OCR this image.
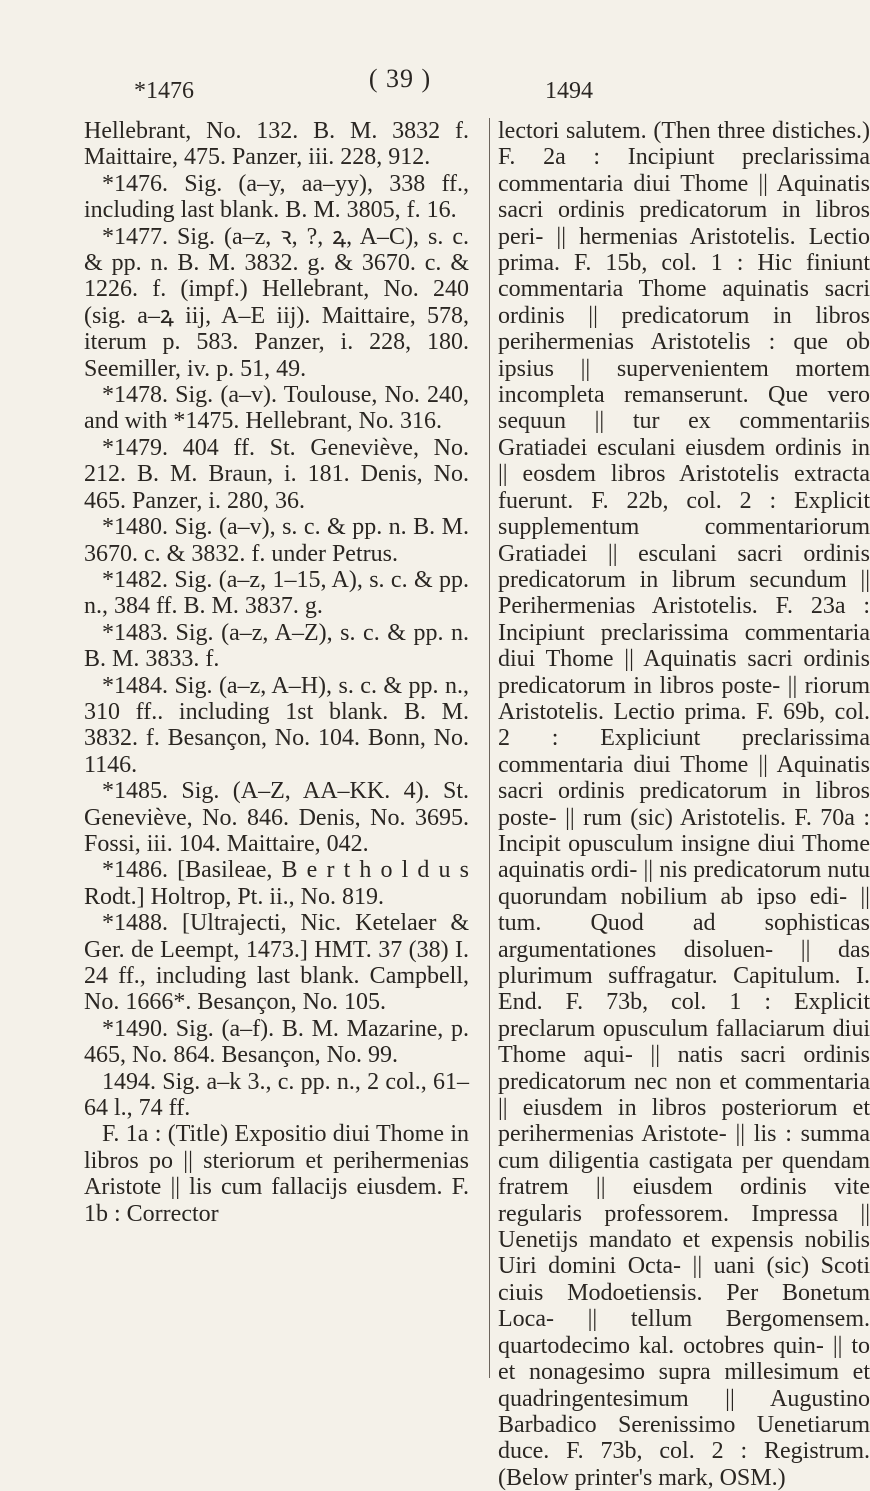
( 39 )
*1476	1494

Hellebrant, No. 132. B. M. 3832 f. Maittaire, 475. Panzer, iii. 228, 912.

*1476. Sig. (a–y, aa–yy), 338 ff., including last blank. B. M. 3805, f. 16.

*1477. Sig. (a–z, ꝛ, ?, ꝝ, A–C), s. c. & pp. n. B. M. 3832. g. & 3670. c. & 1226. f. (impf.) Hellebrant, No. 240 (sig. a–ꝝ iij, A–E iij). Maittaire, 578, iterum p. 583. Panzer, i. 228, 180. Seemiller, iv. p. 51, 49.

*1478. Sig. (a–v). Toulouse, No. 240, and with *1475. Hellebrant, No. 316.

*1479. 404 ff. St. Geneviève, No. 212. B. M. Braun, i. 181. Denis, No. 465. Panzer, i. 280, 36.

*1480. Sig. (a–v), s. c. & pp. n. B. M. 3670. c. & 3832. f. under Petrus.

*1482. Sig. (a–z, 1–15, A), s. c. & pp. n., 384 ff. B. M. 3837. g.

*1483. Sig. (a–z, A–Z), s. c. & pp. n. B. M. 3833. f.

*1484. Sig. (a–z, A–H), s. c. & pp. n., 310 ff.. including 1st blank. B. M. 3832. f. Besançon, No. 104. Bonn, No. 1146.

*1485. Sig. (A–Z, AA–KK. 4). St. Geneviève, No. 846. Denis, No. 3695. Fossi, iii. 104. Maittaire, 042.

*1486. [Basileae, B e r t h o l d u s Rodt.] Holtrop, Pt. ii., No. 819.

*1488. [Ultrajecti, Nic. Ketelaer & Ger. de Leempt, 1473.] HMT. 37 (38) I. 24 ff., including last blank. Campbell, No. 1666*. Besançon, No. 105.

*1490. Sig. (a–f). B. M. Mazarine, p. 465, No. 864. Besançon, No. 99.

1494. Sig. a–k 3., c. pp. n., 2 col., 61–64 l., 74 ff.

F. 1a : (Title) Expositio diui Thome in libros po || steriorum et perihermenias Aristote || lis cum fallacijs eiusdem. F. 1b : Corrector

lectori salutem. (Then three distiches.) F. 2a : Incipiunt preclarissima commentaria diui Thome || Aquinatis sacri ordinis predicatorum in libros peri- || hermenias Aristotelis. Lectio prima. F. 15b, col. 1 : Hic finiunt commentaria Thome aquinatis sacri ordinis || predicatorum in libros perihermenias Aristotelis : que ob ipsius || supervenientem mortem incompleta remanserunt. Que vero sequun || tur ex commentariis Gratiadei esculani eiusdem ordinis in || eosdem libros Aristotelis extracta fuerunt. F. 22b, col. 2 : Explicit supplementum commentariorum Gratiadei || esculani sacri ordinis predicatorum in librum secundum || Perihermenias Aristotelis. F. 23a : Incipiunt preclarissima commentaria diui Thome || Aquinatis sacri ordinis predicatorum in libros poste- || riorum Aristotelis. Lectio prima. F. 69b, col. 2 : Expliciunt preclarissima commentaria diui Thome || Aquinatis sacri ordinis predicatorum in libros poste- || rum (sic) Aristotelis. F. 70a : Incipit opusculum insigne diui Thome aquinatis ordi- || nis predicatorum nutu quorundam nobilium ab ipso edi- || tum. Quod ad sophisticas argumentationes disoluen- || das plurimum suffragatur. Capitulum. I. End. F. 73b, col. 1 : Explicit preclarum opusculum fallaciarum diui Thome aqui- || natis sacri ordinis predicatorum nec non et commentaria || eiusdem in libros posteriorum et perihermenias Aristote- || lis : summa cum diligentia castigata per quendam fratrem || eiusdem ordinis vite regularis professorem. Impressa || Uenetijs mandato et expensis nobilis Uiri domini Octa- || uani (sic) Scoti ciuis Modoetiensis. Per Bonetum Loca- || tellum Bergomensem. quartodecimo kal. octobres quin- || to et nonagesimo supra millesimum et quadringentesimum || Augustino Barbadico Serenissimo Uenetiarum duce. F. 73b, col. 2 : Registrum. (Below printer's mark, OSM.)
